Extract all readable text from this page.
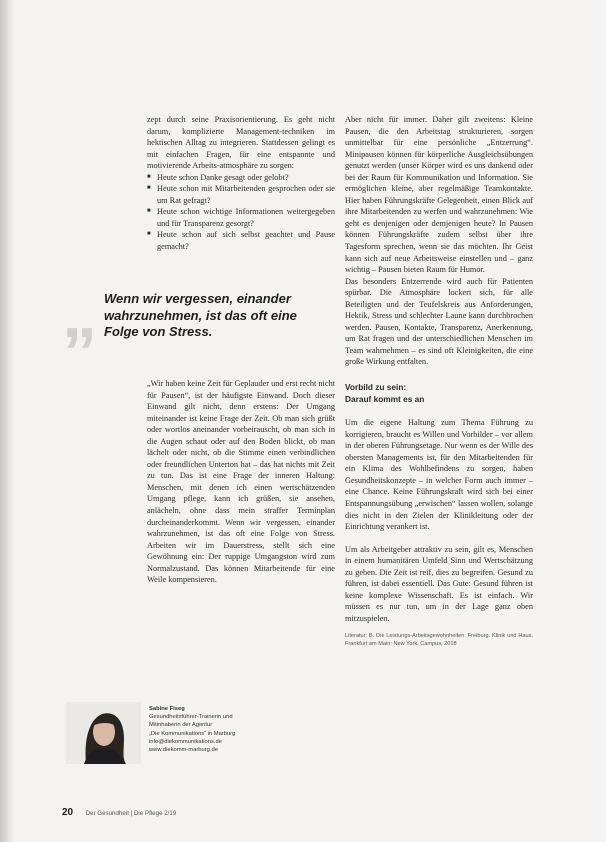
zept durch seine Praxisorientierung. Es geht nicht darum, komplizierte Management-techniken im hektischen Alltag zu integrieren. Stattdessen gelingt es mit einfachen Fragen, für eine entspannte und motivierende Arbeits-atmosphäre zu sorgen:

■ Heute schon Danke gesagt oder gelobt?
■ Heute schon mit Mitarbeitenden gesprochen oder sie um Rat gefragt?
■ Heute schon wichtige Informationen weitergegeben und für Transparenz gesorgt?
■ Heute schon auf sich selbst geachtet und Pause gemacht?
„ Wenn wir vergessen, einander wahrzunehmen, ist das oft eine Folge von Stress.

„Wir haben keine Zeit für Geplauder und erst recht nicht für Pausen“, ist der häufigste Einwand. Doch dieser Einwand gilt nicht, denn erstens: Der Umgang miteinander ist keine Frage der Zeit. Ob man sich grüßt oder wortlos aneinander vorbeirauscht, ob man sich in die Augen schaut oder auf den Boden blickt, ob man lächelt oder nicht, ob die Stimme einen verbindlichen oder freundlichen Unterton hat – das hat nichts mit Zeit zu tun. Das ist eine Frage der inneren Haltung: Menschen, mit denen ich einen wertschätzenden Umgang pflege, kann ich grüßen, sie ansehen, anlächeln, ohne dass mein straffer Terminplan durcheinanderkommt. Wenn wir vergessen, einander wahrzunehmen, ist das oft eine Folge von Stress. Arbeiten wir im Dauerstress, stellt sich eine Gewöhnung ein: Der ruppige Umgangston wird zum Normalzustand. Das können Mitarbeitende für eine Weile kompensieren.

Aber nicht für immer. Daher gilt zweitens: Kleine Pausen, die den Arbeitstag strukturieren, sorgen unmittelbar für eine persönliche „Entzerrung“. Minipausen können für körperliche Ausgleichsübungen genutzt werden (unser Körper wird es uns dankend oder bei der Raum für Kommunikation und Information. Sie ermöglichen kleine, aber regelmäßige Teamkontakte. Hier haben Führungskräfte Gelegenheit, einen Blick auf ihre Mitarbeitenden zu werfen und wahrzunehmen: Wie geht es denjenigen oder demjenigen heute? In Pausen können Führungskräfte zudem selbst über ihre Tagesform sprechen, wenn sie das möchten. Ihr Geist kann sich auf neue Arbeitsweise einstellen und – ganz wichtig – Pausen bieten Raum für Humor.

Das besonders Entzerrende wird auch für Patienten spürbar. Die Atmosphäre lockert sich, für alle Beteiligten und der Teufelskreis aus Anforderungen, Hektik, Stress und schlechter Laune kann durchbrochen werden. Pausen, Kontakte, Transparenz, Anerkennung, um Rat fragen und der unterschiedlichen Menschen im Team wahrnehmen – es sind oft Kleinigkeiten, die eine große Wirkung entfalten.

Vorbild zu sein:
Darauf kommt es an

Um die eigene Haltung zum Thema Führung zu korrigieren, braucht es Willen und Vorbilder – vor allem in der oberen Führungsetage. Nur wenn es der Wille des obersten Managements ist, für den Mitarbeitenden für ein Klima des Wohlbefindens zu sorgen, haben Gesundheitskonzepte – in welcher Form auch immer – eine Chance. Keine Führungskraft wird sich bei einer Entspannungsübung „erwischen“ lassen wollen, solange dies nicht in den Zielen der Klinikleitung oder der Einrichtung verankert ist.

Um als Arbeitgeber attraktiv zu sein, gilt es, Menschen in einem humanitären Umfeld Sinn und Wertschätzung zu geben. Die Zeit ist reif, dies zu begreifen. Gesund zu führen, ist dabei essentiell. Das Gute: Gesund führen ist keine komplexe Wissenschaft. Es ist einfach. Wir müssen es nur tun, um in der Lage ganz oben mitzuspielen.

Literatur: B. Die Leistungs-Arbeitsgewohnheiten. Freiburg. Klinik und Haus, Frankfurt am Main: New York. Campus, 2018

Sabine Fiseg
Gesundheitsführer-Trainerin und
Mitinhaberin der Agentur
„Die Kommunikations“ in Marburg
info@diekommunikations.de
www.diekomm-marburg.de
20 Der Gesundheit | Die Pflege 2/19
